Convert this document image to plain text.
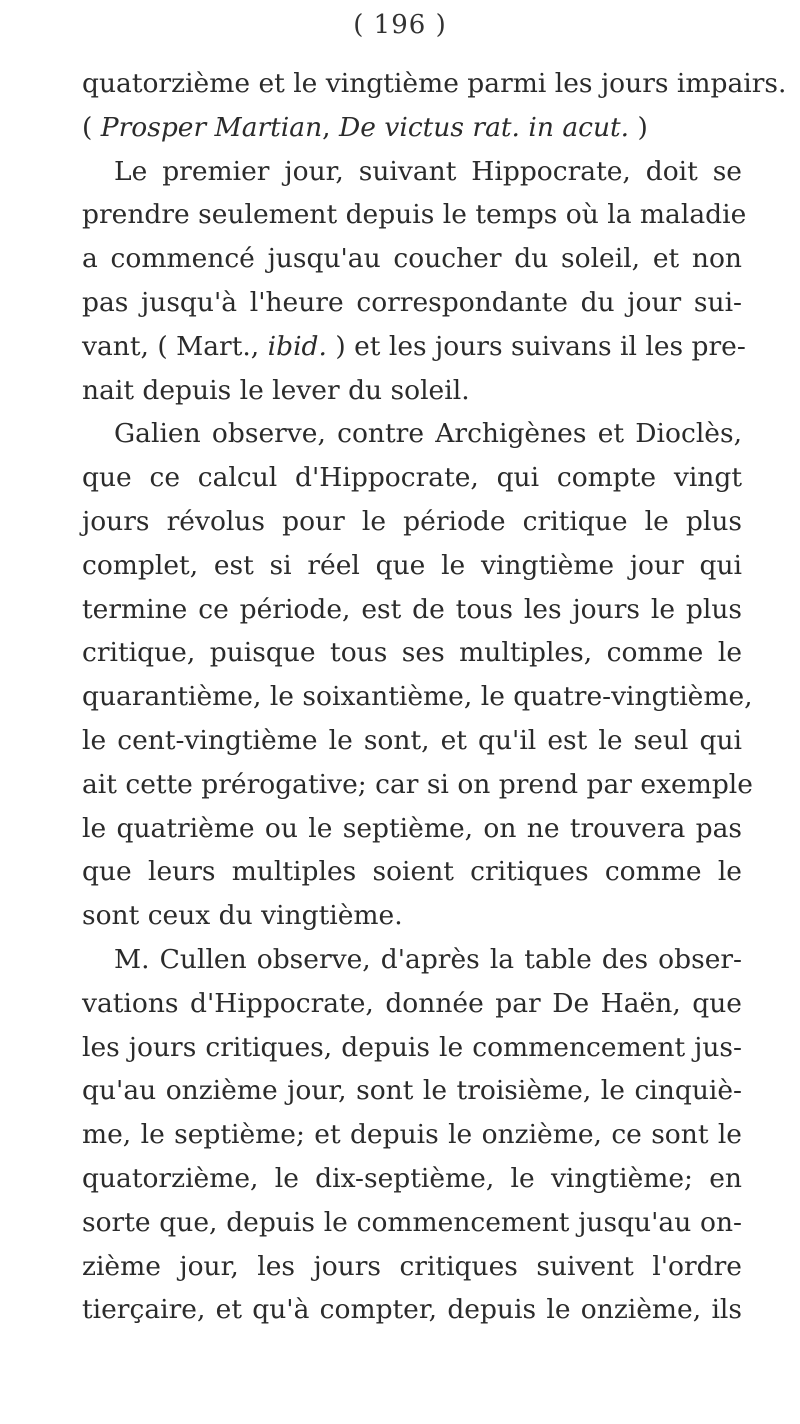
( 196 )
quatorzième et le vingtième parmi les jours impairs.
( Prosper Martian, De victus rat. in acut. )
Le premier jour, suivant Hippocrate, doit se
prendre seulement depuis le temps où la maladie
a commencé jusqu'au coucher du soleil, et non
pas jusqu'à l'heure correspondante du jour sui-
vant, ( Mart., ibid. ) et les jours suivans il les pre-
nait depuis le lever du soleil.
Galien observe, contre Archigènes et Dioclès,
que ce calcul d'Hippocrate, qui compte vingt
jours révolus pour le période critique le plus
complet, est si réel que le vingtième jour qui
termine ce période, est de tous les jours le plus
critique, puisque tous ses multiples, comme le
quarantième, le soixantième, le quatre-vingtième,
le cent-vingtième le sont, et qu'il est le seul qui
ait cette prérogative; car si on prend par exemple
le quatrième ou le septième, on ne trouvera pas
que leurs multiples soient critiques comme le
sont ceux du vingtième.
M. Cullen observe, d'après la table des obser-
vations d'Hippocrate, donnée par De Haën, que
les jours critiques, depuis le commencement jus-
qu'au onzième jour, sont le troisième, le cinquiè-
me, le septième; et depuis le onzième, ce sont le
quatorzième, le dix-septième, le vingtième; en
sorte que, depuis le commencement jusqu'au on-
zième jour, les jours critiques suivent l'ordre
tierçaire, et qu'à compter, depuis le onzième, ils
